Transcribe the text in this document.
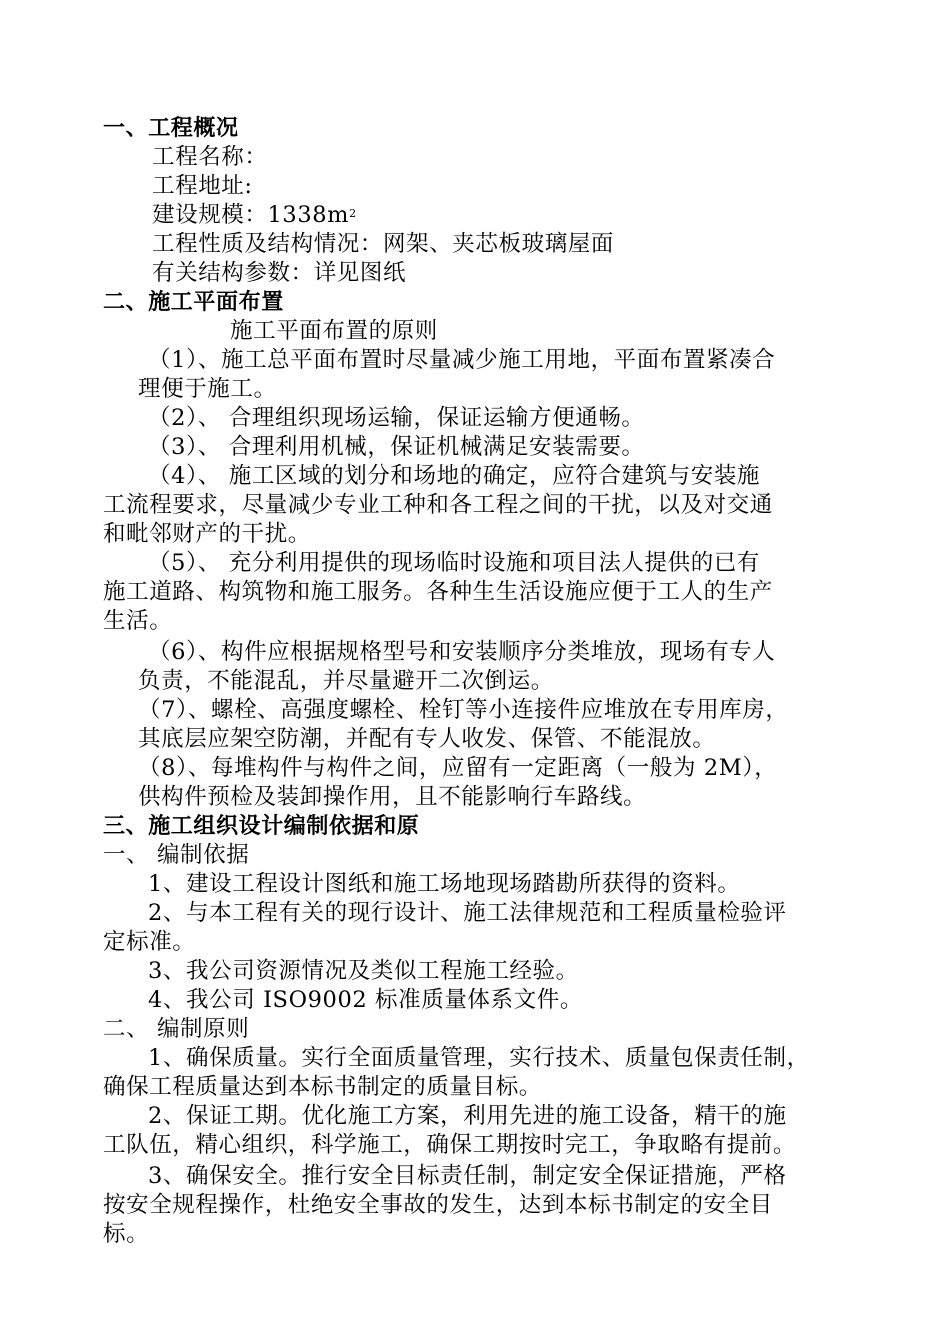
一、工程概况
工程名称：
工程地址:
建设规模：$1338m^2$
工程性质及结构情况：网架、夹芯板玻璃屋面
有关结构参数：详见图纸
二、施工平面布置
施工平面布置的原则
（1）、施工总平面布置时尽量减少施工用地，平面布置紧凑合
理便于施工。
（2）、 合理组织现场运输，保证运输方便通畅。
（3）、 合理利用机械，保证机械满足安装需要。
（4）、 施工区域的划分和场地的确定，应符合建筑与安装施
工流程要求，尽量减少专业工种和各工程之间的干扰，以及对交通
和毗邻财产的干扰。
（5）、 充分利用提供的现场临时设施和项目法人提供的已有
施工道路、构筑物和施工服务。各种生生活设施应便于工人的生产
生活。
（6）、构件应根据规格型号和安装顺序分类堆放，现场有专人
负责，不能混乱，并尽量避开二次倒运。
（7）、螺栓、高强度螺栓、栓钉等小连接件应堆放在专用库房，
其底层应架空防潮，并配有专人收发、保管、不能混放。
（8）、每堆构件与构件之间，应留有一定距离（一般为 2M），
供构件预检及装卸操作用，且不能影响行车路线。
三、施工组织设计编制依据和原
一、 编制依据
1、建设工程设计图纸和施工场地现场踏勘所获得的资料。
2、与本工程有关的现行设计、施工法律规范和工程质量检验评
定标准。
3、我公司资源情况及类似工程施工经验。
4、我公司 ISO9002 标准质量体系文件。
二、 编制原则
1、确保质量。实行全面质量管理，实行技术、质量包保责任制，
确保工程质量达到本标书制定的质量目标。
2、保证工期。优化施工方案，利用先进的施工设备，精干的施
工队伍，精心组织，科学施工，确保工期按时完工，争取略有提前。
3、确保安全。推行安全目标责任制，制定安全保证措施，严格
按安全规程操作，杜绝安全事故的发生，达到本标书制定的安全目
标。
